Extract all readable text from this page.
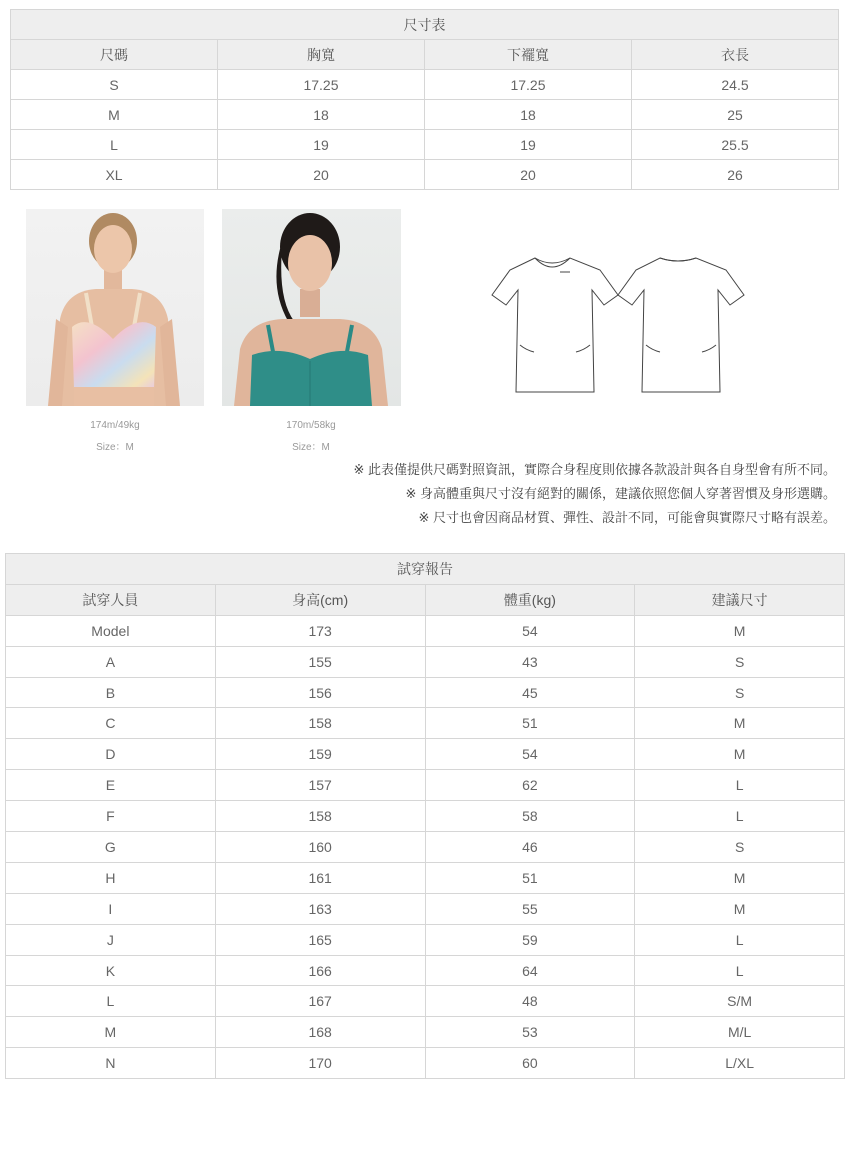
尺寸表			
尺碼	胸寬	下襬寬	衣長
S	17.25	17.25	24.5
M	18	18	25
L	19	19	25.5
XL	20	20	26
174m/49kg
Size：M
170m/58kg
Size：M
※ 此表僅提供尺碼對照資訊，實際合身程度則依據各款設計與各自身型會有所不同。
※ 身高體重與尺寸沒有絕對的關係，建議依照您個人穿著習慣及身形選購。
※ 尺寸也會因商品材質、彈性、設計不同，可能會與實際尺寸略有誤差。
試穿報告			
試穿人員	身高(cm)	體重(kg)	建議尺寸
Model	173	54	M
A	155	43	S
B	156	45	S
C	158	51	M
D	159	54	M
E	157	62	L
F	158	58	L
G	160	46	S
H	161	51	M
I	163	55	M
J	165	59	L
K	166	64	L
L	167	48	S/M
M	168	53	M/L
N	170	60	L/XL
